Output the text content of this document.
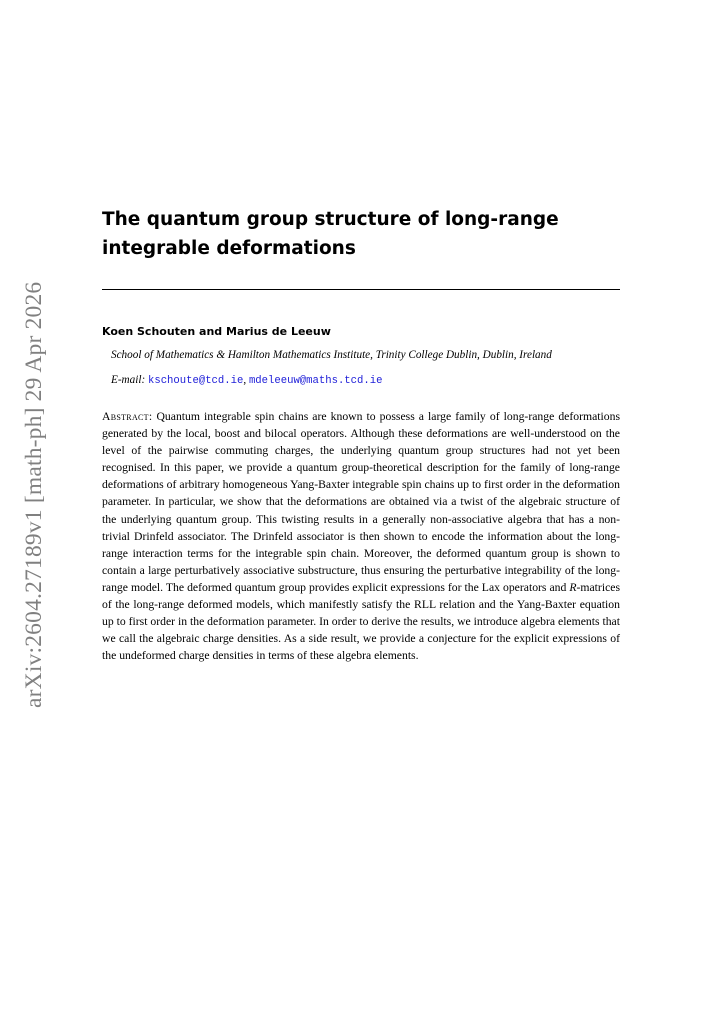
arXiv:2604.27189v1 [math-ph] 29 Apr 2026
The quantum group structure of long-range integrable deformations
Koen Schouten and Marius de Leeuw
School of Mathematics & Hamilton Mathematics Institute, Trinity College Dublin, Dublin, Ireland
E-mail: kschoute@tcd.ie, mdeleeuw@maths.tcd.ie

Abstract: Quantum integrable spin chains are known to possess a large family of long-range deformations generated by the local, boost and bilocal operators. Although these deformations are well-understood on the level of the pairwise commuting charges, the underlying quantum group structures had not yet been recognised. In this paper, we provide a quantum group-theoretical description for the family of long-range deformations of arbitrary homogeneous Yang-Baxter integrable spin chains up to first order in the deformation parameter. In particular, we show that the deformations are obtained via a twist of the algebraic structure of the underlying quantum group. This twisting results in a generally non-associative algebra that has a non-trivial Drinfeld associator. The Drinfeld associator is then shown to encode the information about the long-range interaction terms for the integrable spin chain. Moreover, the deformed quantum group is shown to contain a large perturbatively associative substructure, thus ensuring the perturbative integrability of the long-range model. The deformed quantum group provides explicit expressions for the Lax operators and R-matrices of the long-range deformed models, which manifestly satisfy the RLL relation and the Yang-Baxter equation up to first order in the deformation parameter. In order to derive the results, we introduce algebra elements that we call the algebraic charge densities. As a side result, we provide a conjecture for the explicit expressions of the undeformed charge densities in terms of these algebra elements.
